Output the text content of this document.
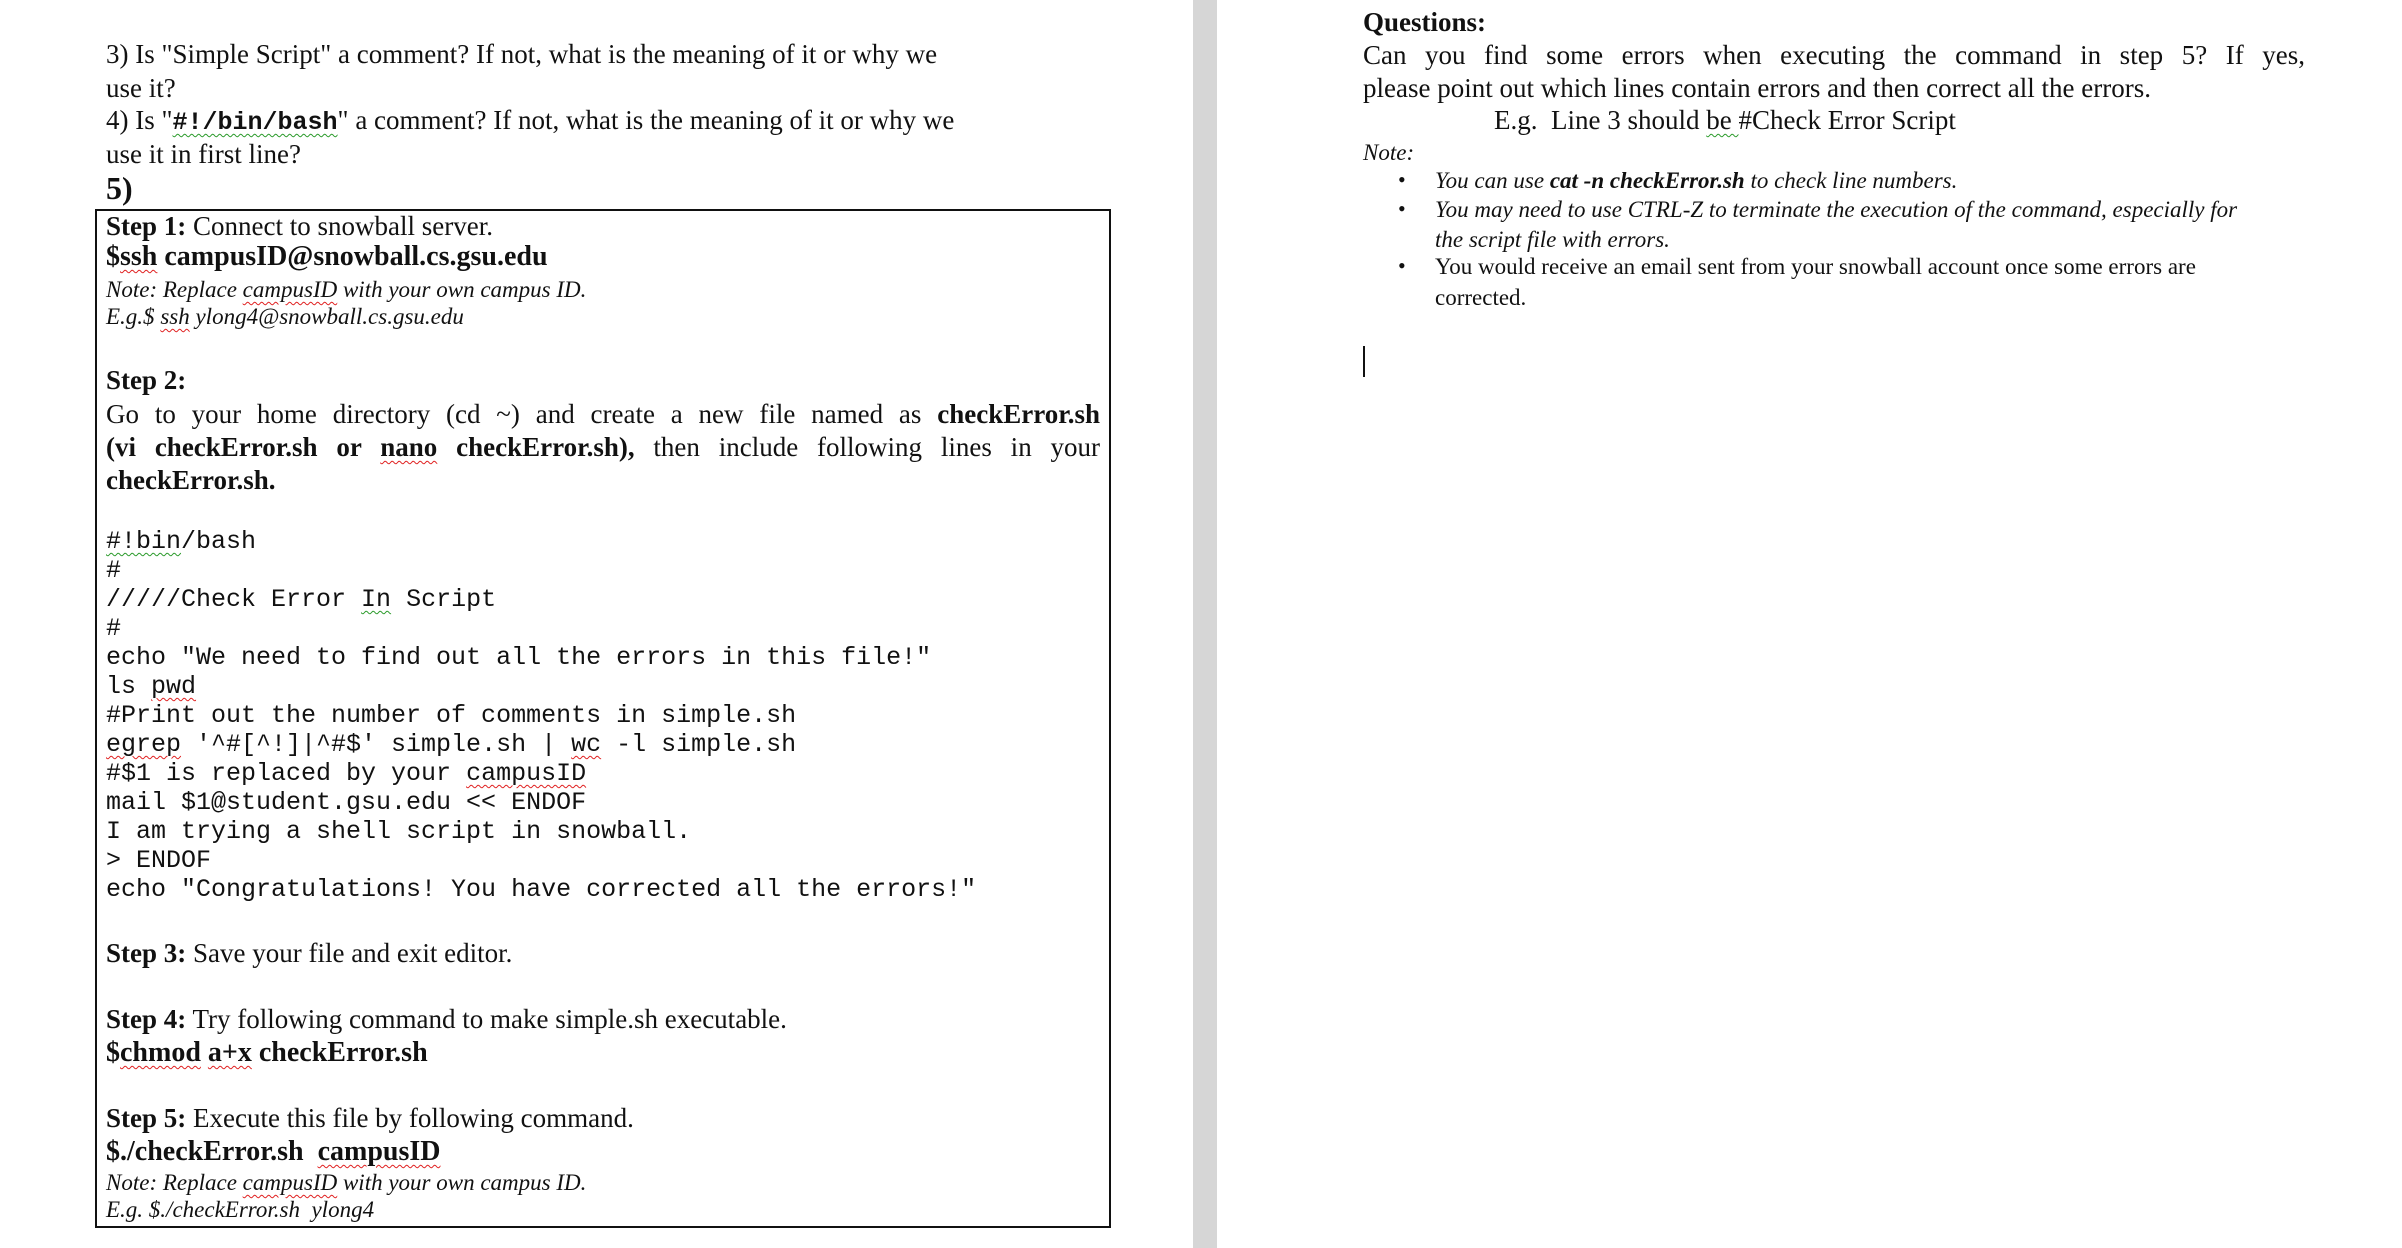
3) Is "Simple Script" a comment? If not, what is the meaning of it or why we
use it?
4) Is "#!/bin/bash" a comment? If not, what is the meaning of it or why we
use it in first line?
5)
Step 1: Connect to snowball server.
$ssh campusID@snowball.cs.gsu.edu
Note: Replace campusID with your own campus ID.
E.g.$ ssh ylong4@snowball.cs.gsu.edu
Step 2:
Go to your home directory (cd ~) and create a new file named as checkError.sh
(vi checkError.sh or nano checkError.sh), then include following lines in your
checkError.sh.
#!bin/bash
#
/////Check Error In Script
#
echo "We need to find out all the errors in this file!"
ls pwd
#Print out the number of comments in simple.sh
egrep '^#[^!]|^#$' simple.sh | wc -l simple.sh
#$1 is replaced by your campusID
mail $1@student.gsu.edu << ENDOF
I am trying a shell script in snowball.
> ENDOF
echo "Congratulations! You have corrected all the errors!"
Step 3: Save your file and exit editor.
Step 4: Try following command to make simple.sh executable.
$chmod a+x checkError.sh
Step 5: Execute this file by following command.
$./checkError.sh  campusID
Note: Replace campusID with your own campus ID.
E.g. $./checkError.sh  ylong4
Questions:
Can you find some errors when executing the command in step 5? If yes,
please point out which lines contain errors and then correct all the errors.
E.g.  Line 3 should be #Check Error Script
Note:
• You can use cat -n checkError.sh to check line numbers.
• You may need to use CTRL-Z to terminate the execution of the command, especially for
the script file with errors.
• You would receive an email sent from your snowball account once some errors are
corrected.
